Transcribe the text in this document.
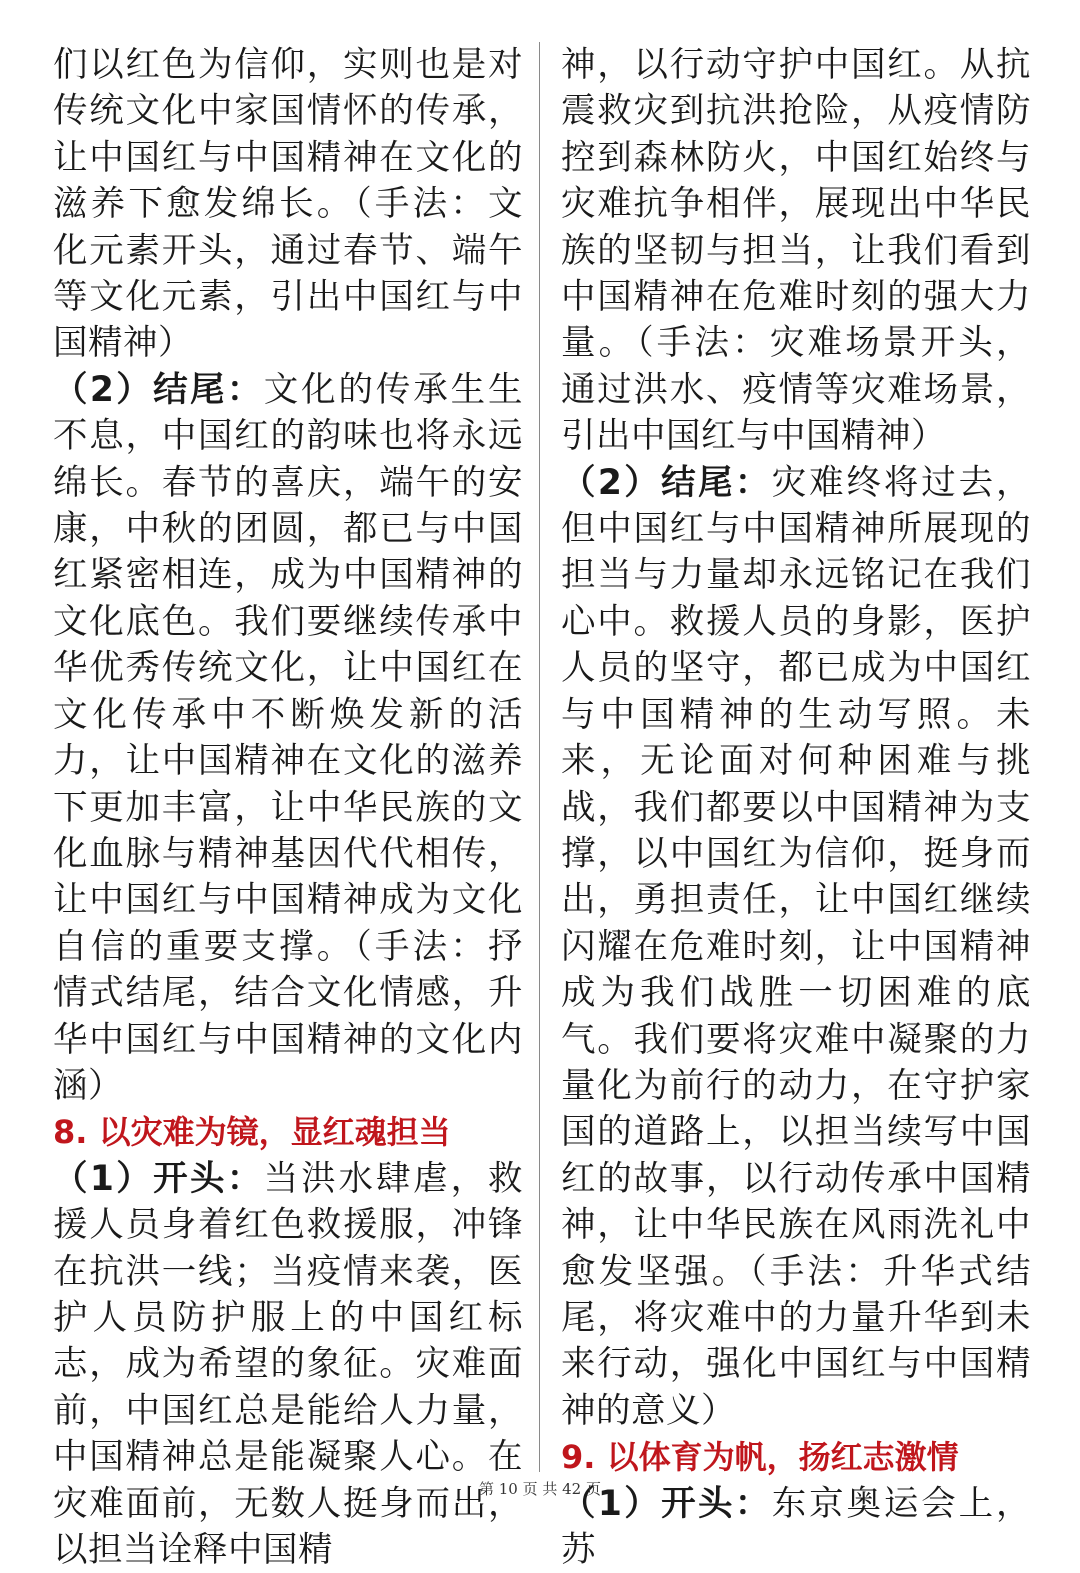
们以红色为信仰，实则也是对传统文化中家国情怀的传承，让中国红与中国精神在文化的滋养下愈发绵长。（手法：文化元素开头，通过春节、端午等文化元素，引出中国红与中国精神）

（2）结尾：文化的传承生生不息，中国红的韵味也将永远绵长。春节的喜庆，端午的安康，中秋的团圆，都已与中国红紧密相连，成为中国精神的文化底色。我们要继续传承中华优秀传统文化，让中国红在文化传承中不断焕发新的活力，让中国精神在文化的滋养下更加丰富，让中华民族的文化血脉与精神基因代代相传，让中国红与中国精神成为文化自信的重要支撑。（手法：抒情式结尾，结合文化情感，升华中国红与中国精神的文化内涵）

8. 以灾难为镜，显红魂担当

（1）开头：当洪水肆虐，救援人员身着红色救援服，冲锋在抗洪一线；当疫情来袭，医护人员防护服上的中国红标志，成为希望的象征。灾难面前，中国红总是能给人力量，中国精神总是能凝聚人心。在灾难面前，无数人挺身而出，以担当诠释中国精

神，以行动守护中国红。从抗震救灾到抗洪抢险，从疫情防控到森林防火，中国红始终与灾难抗争相伴，展现出中华民族的坚韧与担当，让我们看到中国精神在危难时刻的强大力量。（手法：灾难场景开头，通过洪水、疫情等灾难场景，引出中国红与中国精神）

（2）结尾：灾难终将过去，但中国红与中国精神所展现的担当与力量却永远铭记在我们心中。救援人员的身影，医护人员的坚守，都已成为中国红与中国精神的生动写照。未来，无论面对何种困难与挑战，我们都要以中国精神为支撑，以中国红为信仰，挺身而出，勇担责任，让中国红继续闪耀在危难时刻，让中国精神成为我们战胜一切困难的底气。我们要将灾难中凝聚的力量化为前行的动力，在守护家国的道路上，以担当续写中国红的故事，以行动传承中国精神，让中华民族在风雨洗礼中愈发坚强。（手法：升华式结尾，将灾难中的力量升华到未来行动，强化中国红与中国精神的意义）

9. 以体育为帆，扬红志激情

（1）开头：东京奥运会上，苏

第 10 页 共 42 页
